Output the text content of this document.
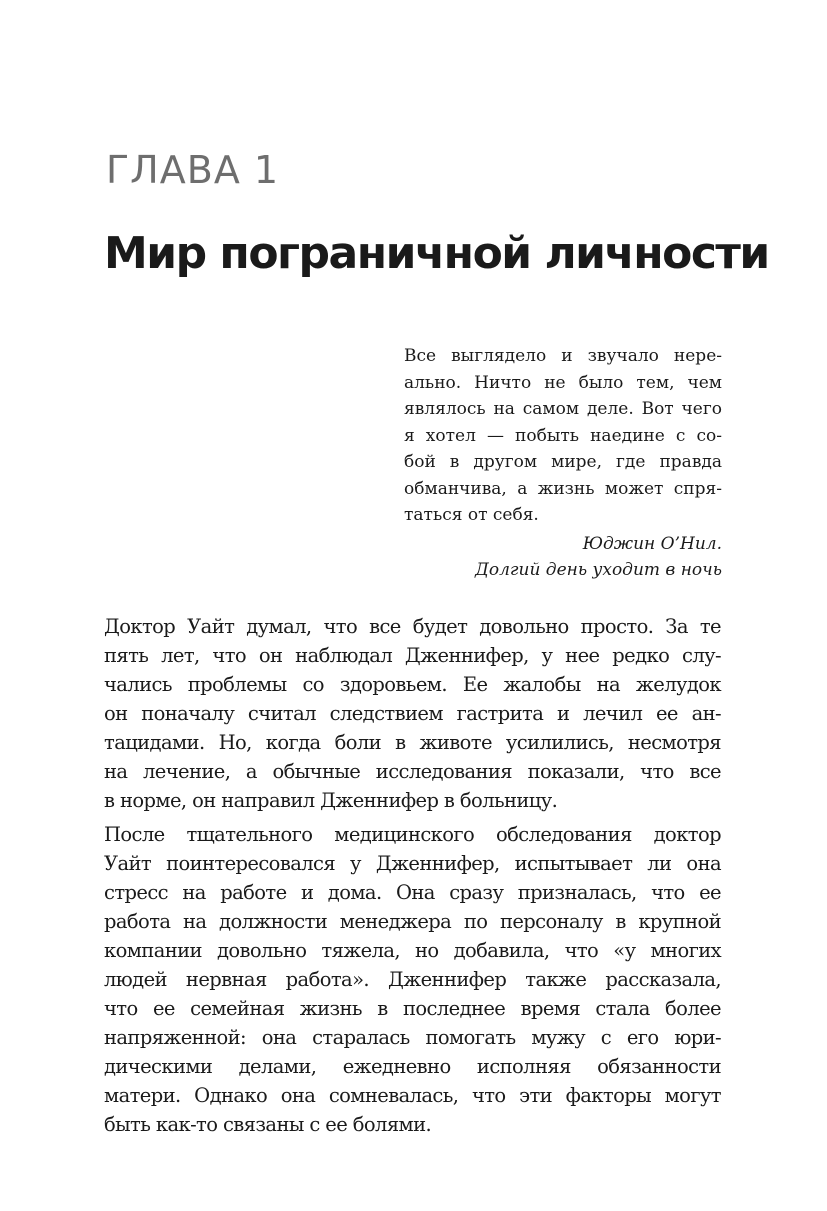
ГЛАВА 1
Мир пограничной личности
Все выглядело и звучало нере-
ально. Ничто не было тем, чем
являлось на самом деле. Вот чего
я хотел — побыть наедине с со-
бой в другом мире, где правда
обманчива, а жизнь может спря-
таться от себя.
Юджин О’Нил.
Долгий день уходит в ночь
Доктор Уайт думал, что все будет довольно просто. За те
пять лет, что он наблюдал Дженнифер, у нее редко слу-
чались проблемы со здоровьем. Ее жалобы на желудок
он поначалу считал следствием гастрита и лечил ее ан-
тацидами. Но, когда боли в животе усилились, несмотря
на лечение, а обычные исследования показали, что все
в норме, он направил Дженнифер в больницу.
После тщательного медицинского обследования доктор
Уайт поинтересовался у Дженнифер, испытывает ли она
стресс на работе и дома. Она сразу призналась, что ее
работа на должности менеджера по персоналу в крупной
компании довольно тяжела, но добавила, что «у многих
людей нервная работа». Дженнифер также рассказала,
что ее семейная жизнь в последнее время стала более
напряженной: она старалась помогать мужу с его юри-
дическими делами, ежедневно исполняя обязанности
матери. Однако она сомневалась, что эти факторы могут
быть как-то связаны с ее болями.
